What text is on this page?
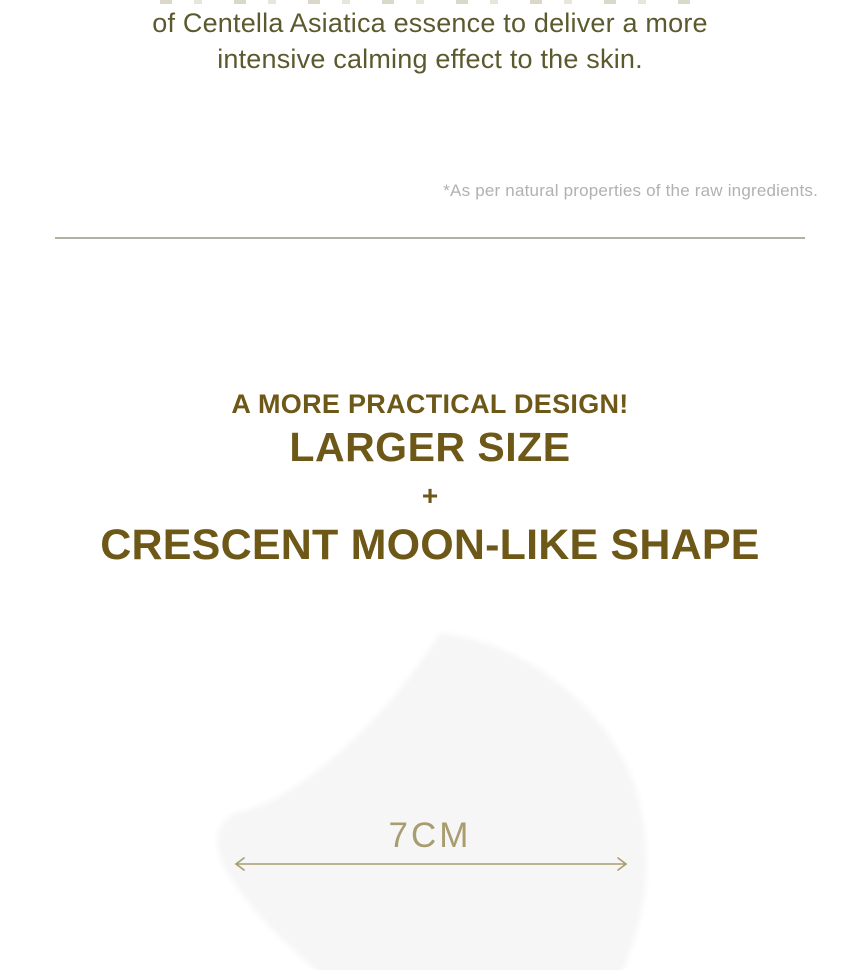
of Centella Asiatica essence to deliver a more
intensive calming effect to the skin.
*As per natural properties of the raw ingredients.
A MORE PRACTICAL DESIGN!
LARGER SIZE
+
CRESCENT MOON-LIKE SHAPE
7CM
